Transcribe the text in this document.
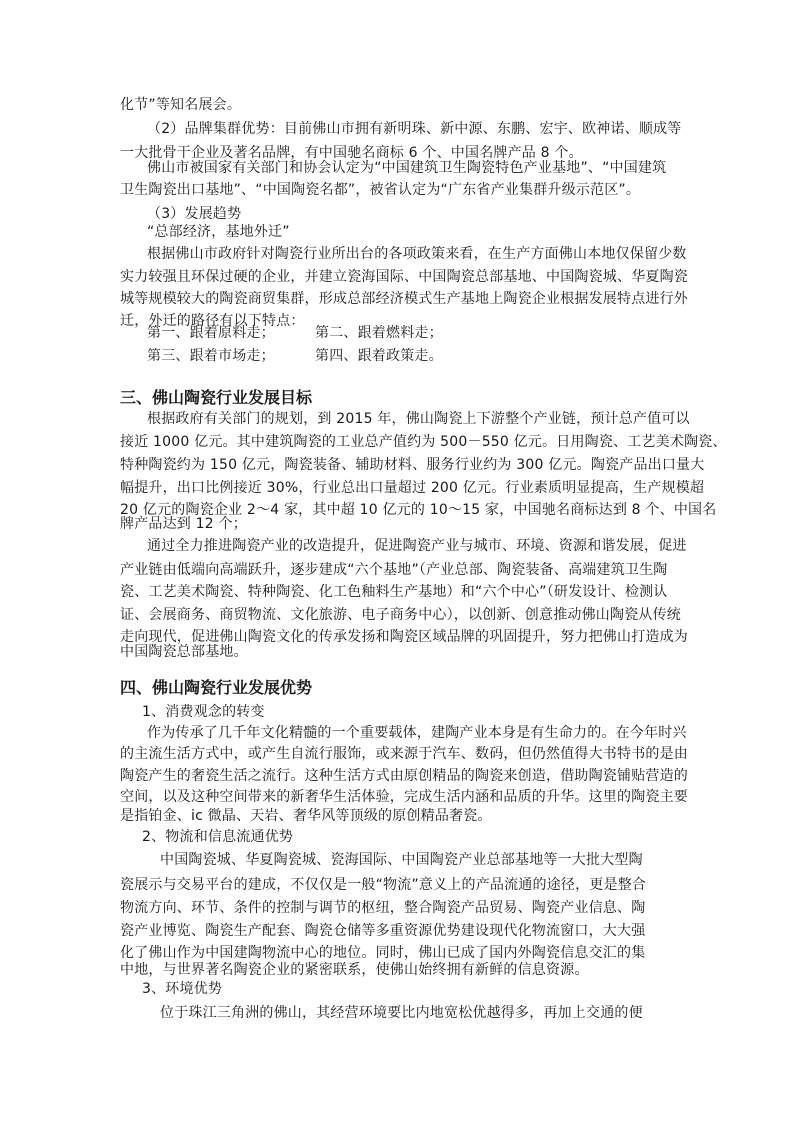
化节”等知名展会。
（2）品牌集群优势：目前佛山市拥有新明珠、新中源、东鹏、宏宇、欧神诺、顺成等
一大批骨干企业及著名品牌，有中国驰名商标 6 个、中国名牌产品 8 个。
佛山市被国家有关部门和协会认定为“中国建筑卫生陶瓷特色产业基地”、“中国建筑
卫生陶瓷出口基地”、“中国陶瓷名都”，被省认定为“广东省产业集群升级示范区”。
（3）发展趋势
“总部经济，基地外迁”
根据佛山市政府针对陶瓷行业所出台的各项政策来看，在生产方面佛山本地仅保留少数
实力较强且环保过硬的企业，并建立瓷海国际、中国陶瓷总部基地、中国陶瓷城、华夏陶瓷
城等规模较大的陶瓷商贸集群，形成总部经济模式生产基地上陶瓷企业根据发展特点进行外
迁，外迁的路径有以下特点：
第一、跟着原料走；	第二、跟着燃料走；
第三、跟着市场走；	第四、跟着政策走。
三、佛山陶瓷行业发展目标
根据政府有关部门的规划，到 2015 年，佛山陶瓷上下游整个产业链，预计总产值可以
接近 1000 亿元。其中建筑陶瓷的工业总产值约为 500－550 亿元。日用陶瓷、工艺美术陶瓷、
特种陶瓷约为 150 亿元，陶瓷装备、辅助材料、服务行业约为 300 亿元。陶瓷产品出口量大
幅提升，出口比例接近 30%，行业总出口量超过 200 亿元。行业素质明显提高，生产规模超
20 亿元的陶瓷企业 2～4 家，其中超 10 亿元的 10～15 家，中国驰名商标达到 8 个、中国名
牌产品达到 12 个；
通过全力推进陶瓷产业的改造提升，促进陶瓷产业与城市、环境、资源和谐发展，促进
产业链由低端向高端跃升，逐步建成“六个基地”（产业总部、陶瓷装备、高端建筑卫生陶
瓷、工艺美术陶瓷、特种陶瓷、化工色釉料生产基地）和“六个中心”（研发设计、检测认
证、会展商务、商贸物流、文化旅游、电子商务中心），以创新、创意推动佛山陶瓷从传统
走向现代，促进佛山陶瓷文化的传承发扬和陶瓷区域品牌的巩固提升，努力把佛山打造成为
中国陶瓷总部基地。
四、佛山陶瓷行业发展优势
1、消费观念的转变
作为传承了几千年文化精髓的一个重要载体，建陶产业本身是有生命力的。在今年时兴
的主流生活方式中，或产生自流行服饰，或来源于汽车、数码，但仍然值得大书特书的是由
陶瓷产生的奢瓷生活之流行。这种生活方式由原创精品的陶瓷来创造，借助陶瓷铺贴营造的
空间，以及这种空间带来的新奢华生活体验，完成生活内涵和品质的升华。这里的陶瓷主要
是指铂金、ic 微晶、天岩、奢华风等顶级的原创精品奢瓷。
2、物流和信息流通优势
中国陶瓷城、华夏陶瓷城、瓷海国际、中国陶瓷产业总部基地等一大批大型陶
瓷展示与交易平台的建成，不仅仅是一般“物流”意义上的产品流通的途径，更是整合
物流方向、环节、条件的控制与调节的枢纽，整合陶瓷产品贸易、陶瓷产业信息、陶
瓷产业博览、陶瓷生产配套、陶瓷仓储等多重资源优势建设现代化物流窗口，大大强
化了佛山作为中国建陶物流中心的地位。同时，佛山已成了国内外陶瓷信息交汇的集
中地，与世界著名陶瓷企业的紧密联系，使佛山始终拥有新鲜的信息资源。
3、环境优势
位于珠江三角洲的佛山，其经营环境要比内地宽松优越得多，再加上交通的便
